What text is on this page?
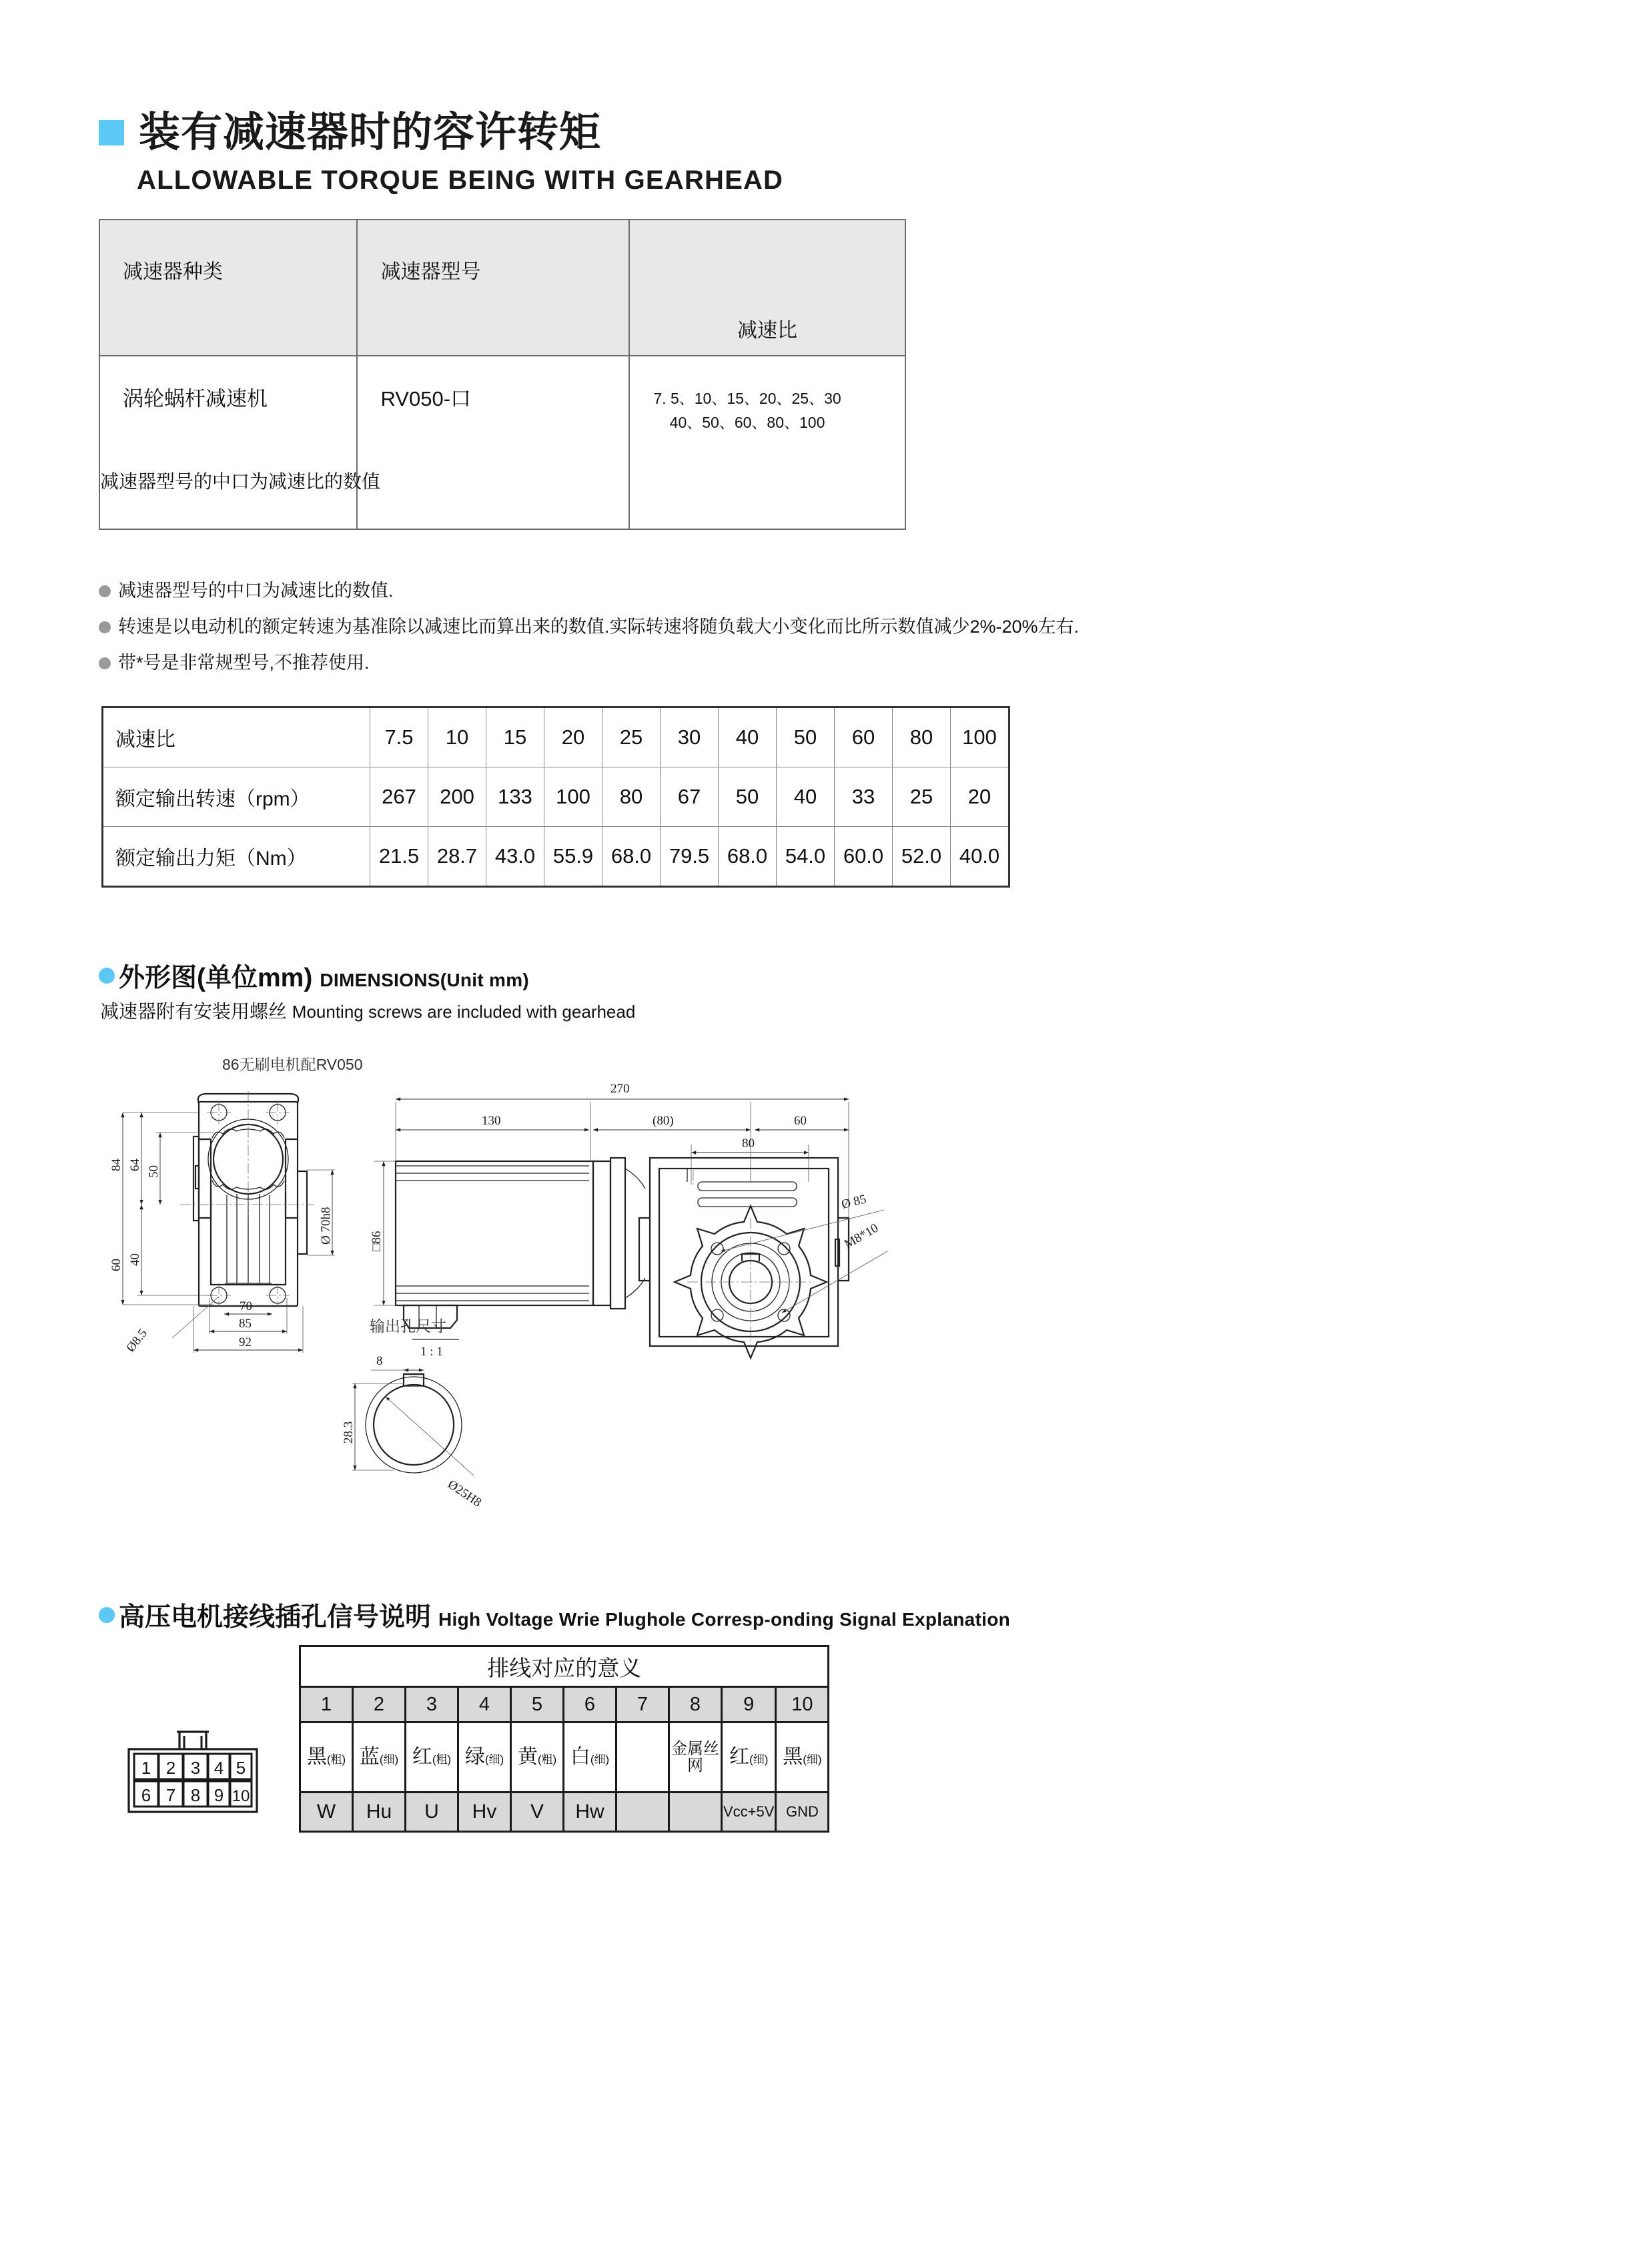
装有减速器时的容许转矩
ALLOWABLE TORQUE BEING WITH GEARHEAD
减速器种类	减速器型号	减速比
涡轮蜗杆减速机	RV050-口	7. 5、10、15、20、25、30
40、50、60、80、100
减速器型号的中口为减速比的数值
减速器型号的中口为减速比的数值.
转速是以电动机的额定转速为基准除以减速比而算出来的数值.实际转速将随负载大小变化而比所示数值减少2%-20%左右.
带*号是非常规型号,不推荐使用.
减速比	7.5	10	15	20	25	30	40	50	60	80	100
额定输出转速（rpm）	267	200	133	100	80	67	50	40	33	25	20
额定输出力矩（Nm）	21.5	28.7	43.0	55.9	68.0	79.5	68.0	54.0	60.0	52.0	40.0
外形图(单位mm) DIMENSIONS(Unit mm)
减速器附有安装用螺丝 Mounting screws are included with gearhead
86无刷电机配RV050
84
60
64
40
50
Ø 70h8
Ø8.5
70
85
92
□86
Ø 85
M8*10
270
130	(80)	60
80
输出孔尺寸
1 : 1
8
28.3
Ø25H8
高压电机接线插孔信号说明 High Voltage Wrie Plughole Corresp-onding Signal Explanation
1 2 3 4 5
6 7 8 9 10
排线对应的意义									
1	2	3	4	5	6	7	8	9	10
黑(粗)	蓝(细)	红(粗)	绿(细)	黄(粗)	白(细)		金属丝网	红(细)	黑(细)
W	Hu	U	Hv	V	Hw			Vcc+5V	GND
